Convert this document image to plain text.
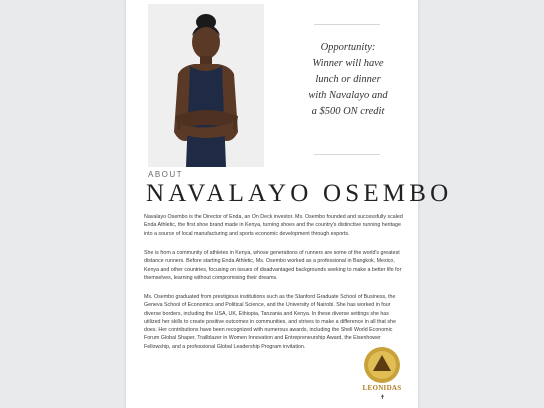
Opportunity:
Winner will have
lunch or dinner
with Navalayo and
a $500 ON credit
ABOUT
NAVALAYO OSEMBO

Navalayo Osembo is the Director of Enda, an On Deck investor. Ms. Osembo founded and successfully scaled Enda Athletic, the first shoe brand made in Kenya, turning shoes and the country's distinctive running heritage into a source of local manufacturing and sports economic development through exports.

She is from a community of athletes in Kenya, whose generations of runners are some of the world's greatest distance runners. Before starting Enda Athletic, Ms. Osembo worked as a professional in Bangkok, Mexico, Kenya and other countries, focusing on issues of disadvantaged backgrounds seeking to make a better life for themselves, learning without compromising their dreams.

Ms. Osembo graduated from prestigious institutions such as the Stanford Graduate School of Business, the Geneva School of Economics and Political Science, and the University of Nairobi. She has worked in four diverse borders, including the USA, UK, Ethiopia, Tanzania and Kenya. In these diverse settings she has utilized her skills to create positive outcomes in communities, and strives to make a difference in all that she does. Her contributions have been recognized with numerous awards, including the Shell World Economic Forum Global Shaper, Trailblazer in Women Innovation and Entrepreneurship Award, the Eisenhower Fellowship, and a professional Global Leadership Program invitation.

LEONIDAS
✝
